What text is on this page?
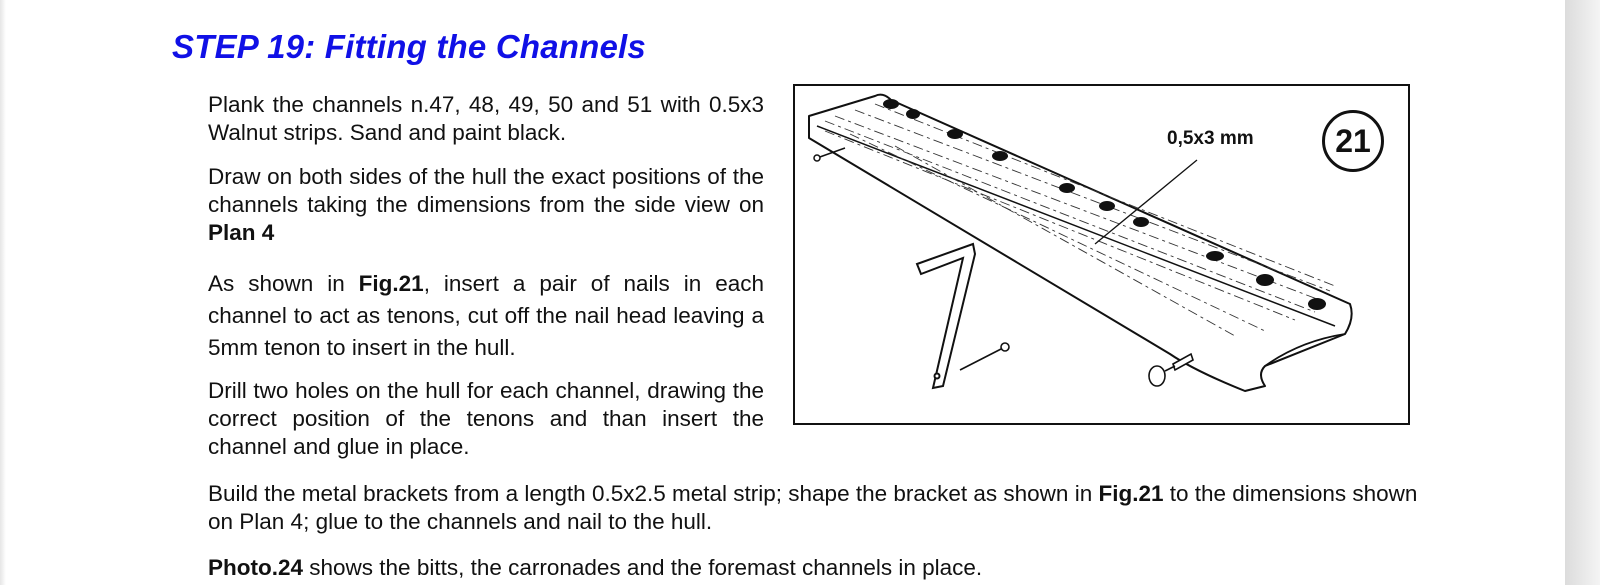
STEP 19: Fitting the Channels

Plank the channels n.47, 48, 49, 50 and 51 with 0.5x3 Walnut strips. Sand and paint black.

Draw on both sides of the hull the exact positions of the channels taking the dimensions from the side view on Plan 4

As shown in Fig.21, insert a pair of nails in each channel to act as tenons, cut off the nail head leaving a 5mm tenon to insert in the hull.

Drill two holes on the hull for each channel, drawing the correct position of the tenons and than insert the channel and glue in place.

Build the metal brackets from a length 0.5x2.5 metal strip; shape the bracket as shown in Fig.21 to the dimensions shown on Plan 4; glue to the channels and nail to the hull.

Photo.24 shows the bitts, the carronades and the foremast channels in place.

0,5x3 mm	21
